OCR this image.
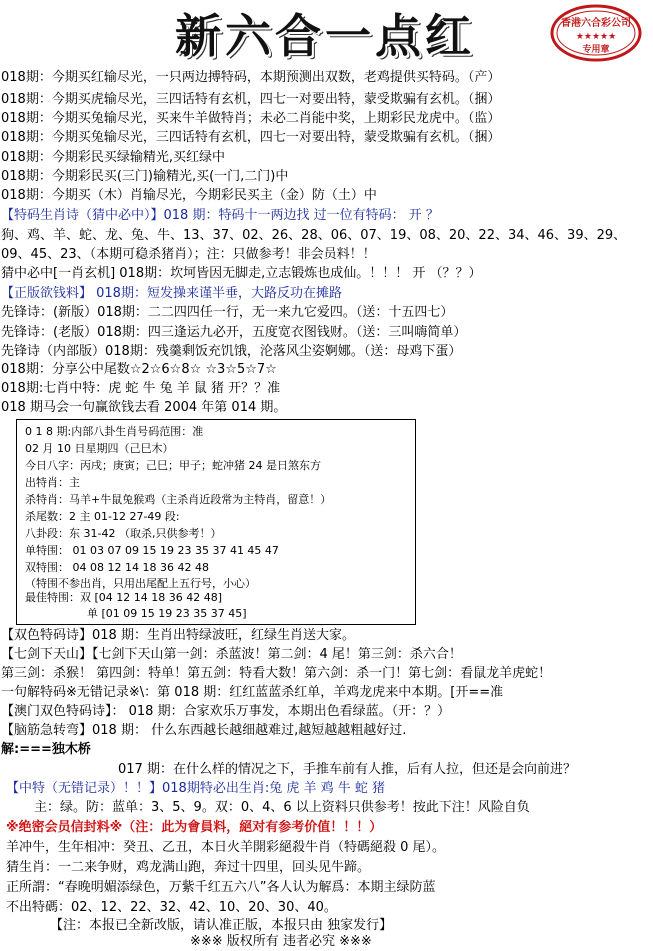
新六合一点红	香港六合彩公司
★★★★★
专用章
018期：今期买红输尽光，一只两边搏特码，本期预测出双数，老鸡提供买特码。（产）
018期：今期买虎输尽光，三四话特有玄机，四七一对要出特，蒙受欺骗有玄机。（捆）
018期：今期买兔输尽光，买来牛羊做特肖；未必二肖能中奖，上期彩民龙虎中。（监）
018期：今期买兔输尽光，三四话特有玄机，四七一对要出特，蒙受欺骗有玄机。（捆）
018期：今期彩民买绿输精光,买红绿中
018期：今期彩民买(三门)输精光,买(一门,二门)中
018期：今期买（木）肖输尽光，今期彩民买主（金）防（土）中
【特码生肖诗（猜中必中）】018 期：特码十一两边找 过一位有特码： 开 ？
狗、鸡、羊、蛇、龙、兔、牛、13、37、02、26、28、06、07、19、08、20、22、34、46、39、29、
09、45、23、（本期可稳杀猪肖）；注：只做参考！非会员料！！
猜中必中[一肖玄机] 018期：坎坷皆因无脚走,立志锻炼也成仙。！！！ 开 （？？）
【正版欲钱料】 018期：短发操来谨半垂，大路反功在摊路
先锋诗：(新版）018期：二二四四任一行，无一来九它爱四。（送：十五四七）
先锋诗：(老版）018期：四三逢运九必开，五度宽衣图钱财。（送：三叫嗨简单）
先锋诗（内部版）018期：残羹剩饭充饥饿，沦落风尘姿婀娜。（送：母鸡下蛋）
018期：分享公中尾数☆2☆6☆8☆ ☆3☆5☆7☆
018期:七肖中特：虎 蛇 牛 兔 羊 鼠 猪 开？？准
018 期马会一句赢欲钱去看 2004 年第 014 期。
0 1 8 期:内部八卦生肖号码范围：准
02 月 10 日星期四（己巳木）
今日八字：丙戌；庚寅；己巳；甲子；蛇冲猪 24 是日煞东方
出特肖：主
杀特肖：马羊+牛鼠兔猴鸡（主杀肖近段常为主特肖，留意！）
杀尾数：2 主 01-12 27-49 段:
八卦段：东 31-42 （取杀,只供参考！）
单特围： 01 03 07 09 15 19 23 35 37 41 45 47
双特围： 04 08 12 14 18 36 42 48
（特围不参出肖，只用出尾配上五行号，小心）
最佳特围：双 [04 12 14 18 36 42 48]
单 [01 09 15 19 23 35 37 45]
【双色特码诗】018 期：生肖出特绿波旺，红绿生肖送大家。
【七剑下天山】【七剑下天山第一剑：杀蓝波！第二剑：4 尾！第三剑：杀六合！
第三剑：杀猴！ 第四剑：特单！第五剑：特看大数！第六剑：杀一门！第七剑：看鼠龙羊虎蛇！
一句解特码※无错记录※\：第 018 期：红红蓝蓝杀红单，羊鸡龙虎来中本期。[开==准
【澳门双色特码诗】： 018 期：合家欢乐万事发，本期出色看绿蓝。（开：？）
【脑筋急转弯】018 期： 什么东西越长越细越难过,越短越越粗越好过.
解:===独木桥
017 期：在什么样的情况之下，手推车前有人推，后有人拉，但还是会向前进？
【中特（无错记录）！！】018期特必出生肖:兔 虎 羊 鸡 牛 蛇 猪
主：绿。防：蓝单：3、5、9。双：0、4、6 以上资料只供参考！按此下注！风险自负
※绝密会员信封料※（注：此为會員料，絕对有参考价值！！！）
羊冲牛，生年相冲：癸丑、乙丑，本日火羊開彩絕殺牛肖（特碼絕殺 0 尾）。
猜生肖：一二来争财，鸡龙满山跑，奔过十四里，回头见牛蹄。
正所謂：“春晚明媚添绿色，万紫千红五六八”各人认为解爲：本期主绿防蓝
不出特碼：02、12、22、32、42、10、20、30、40。
【注：本报已全新改版，请认准正版，本报只由 独家发行】
※※※ 版权所有 违者必究 ※※※
